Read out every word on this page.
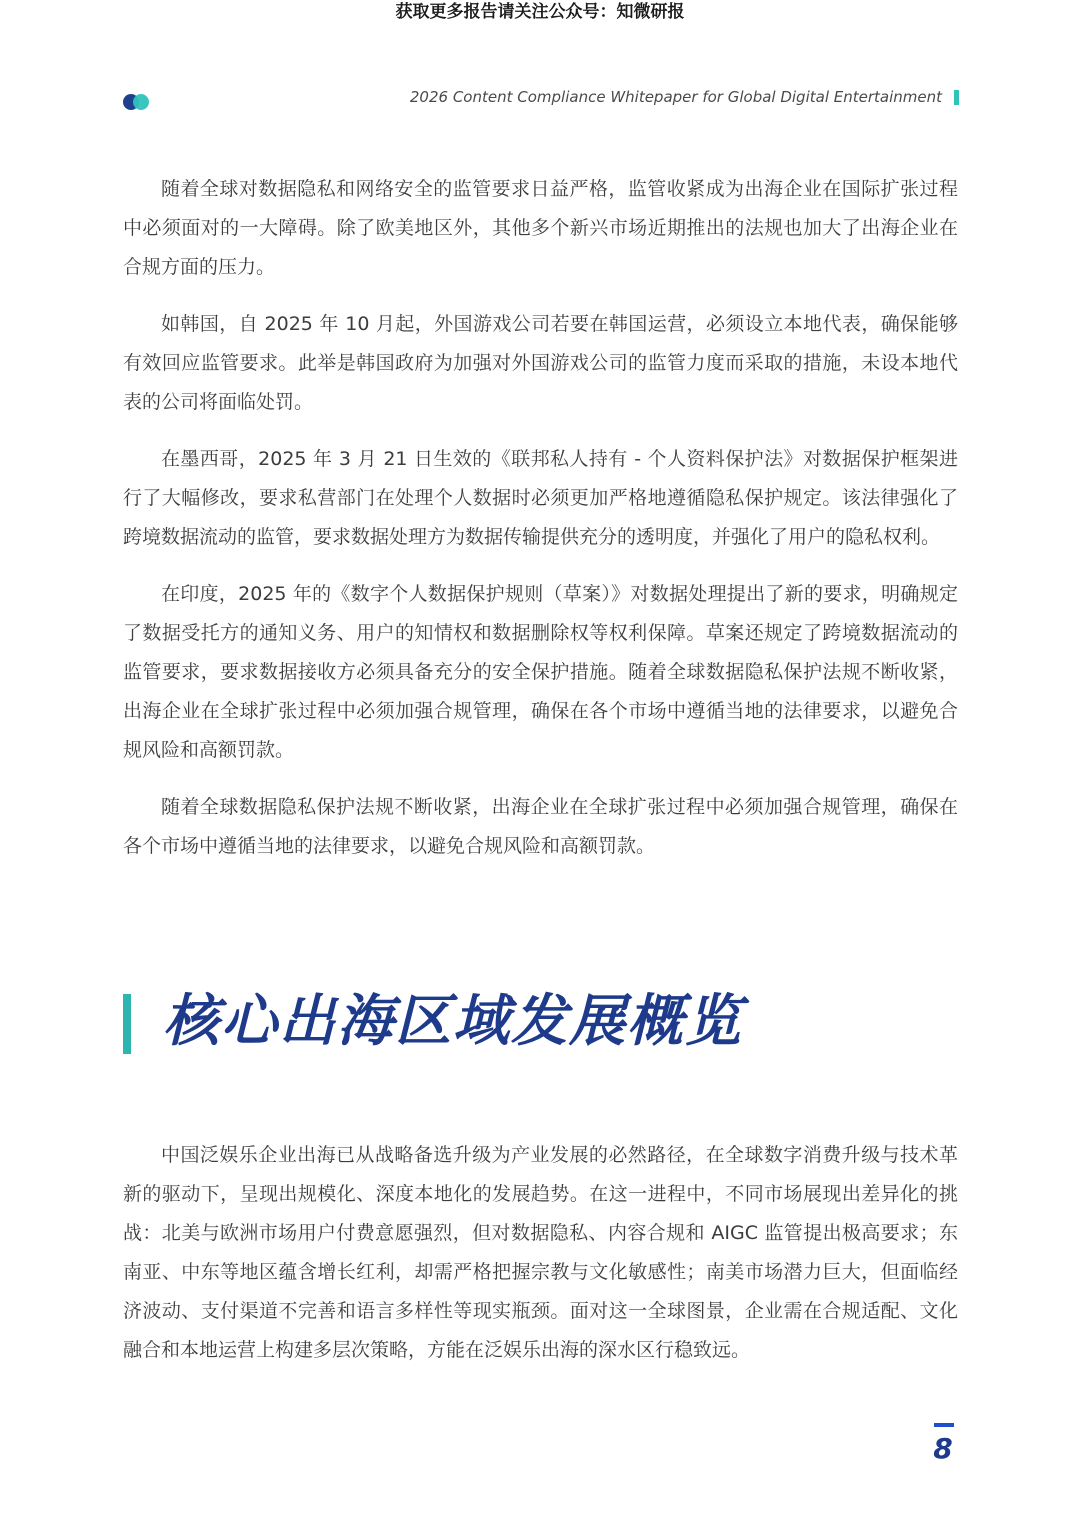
获取更多报告请关注公众号：知微研报
2026 Content Compliance Whitepaper for Global Digital Entertainment

随着全球对数据隐私和网络安全的监管要求日益严格，监管收紧成为出海企业在国际扩张过程中必须面对的一大障碍。除了欧美地区外，其他多个新兴市场近期推出的法规也加大了出海企业在合规方面的压力。

如韩国，自 2025 年 10 月起，外国游戏公司若要在韩国运营，必须设立本地代表，确保能够有效回应监管要求。此举是韩国政府为加强对外国游戏公司的监管力度而采取的措施，未设本地代表的公司将面临处罚。

在墨西哥，2025 年 3 月 21 日生效的《联邦私人持有 - 个人资料保护法》对数据保护框架进行了大幅修改，要求私营部门在处理个人数据时必须更加严格地遵循隐私保护规定。该法律强化了跨境数据流动的监管，要求数据处理方为数据传输提供充分的透明度，并强化了用户的隐私权利。

在印度，2025 年的《数字个人数据保护规则（草案）》对数据处理提出了新的要求，明确规定了数据受托方的通知义务、用户的知情权和数据删除权等权利保障。草案还规定了跨境数据流动的监管要求，要求数据接收方必须具备充分的安全保护措施。随着全球数据隐私保护法规不断收紧，出海企业在全球扩张过程中必须加强合规管理，确保在各个市场中遵循当地的法律要求，以避免合规风险和高额罚款。

随着全球数据隐私保护法规不断收紧，出海企业在全球扩张过程中必须加强合规管理，确保在各个市场中遵循当地的法律要求，以避免合规风险和高额罚款。

核心出海区域发展概览

中国泛娱乐企业出海已从战略备选升级为产业发展的必然路径，在全球数字消费升级与技术革新的驱动下，呈现出规模化、深度本地化的发展趋势。在这一进程中，不同市场展现出差异化的挑战：北美与欧洲市场用户付费意愿强烈，但对数据隐私、内容合规和 AIGC 监管提出极高要求；东南亚、中东等地区蕴含增长红利，却需严格把握宗教与文化敏感性；南美市场潜力巨大，但面临经济波动、支付渠道不完善和语言多样性等现实瓶颈。面对这一全球图景，企业需在合规适配、文化融合和本地运营上构建多层次策略，方能在泛娱乐出海的深水区行稳致远。

8
